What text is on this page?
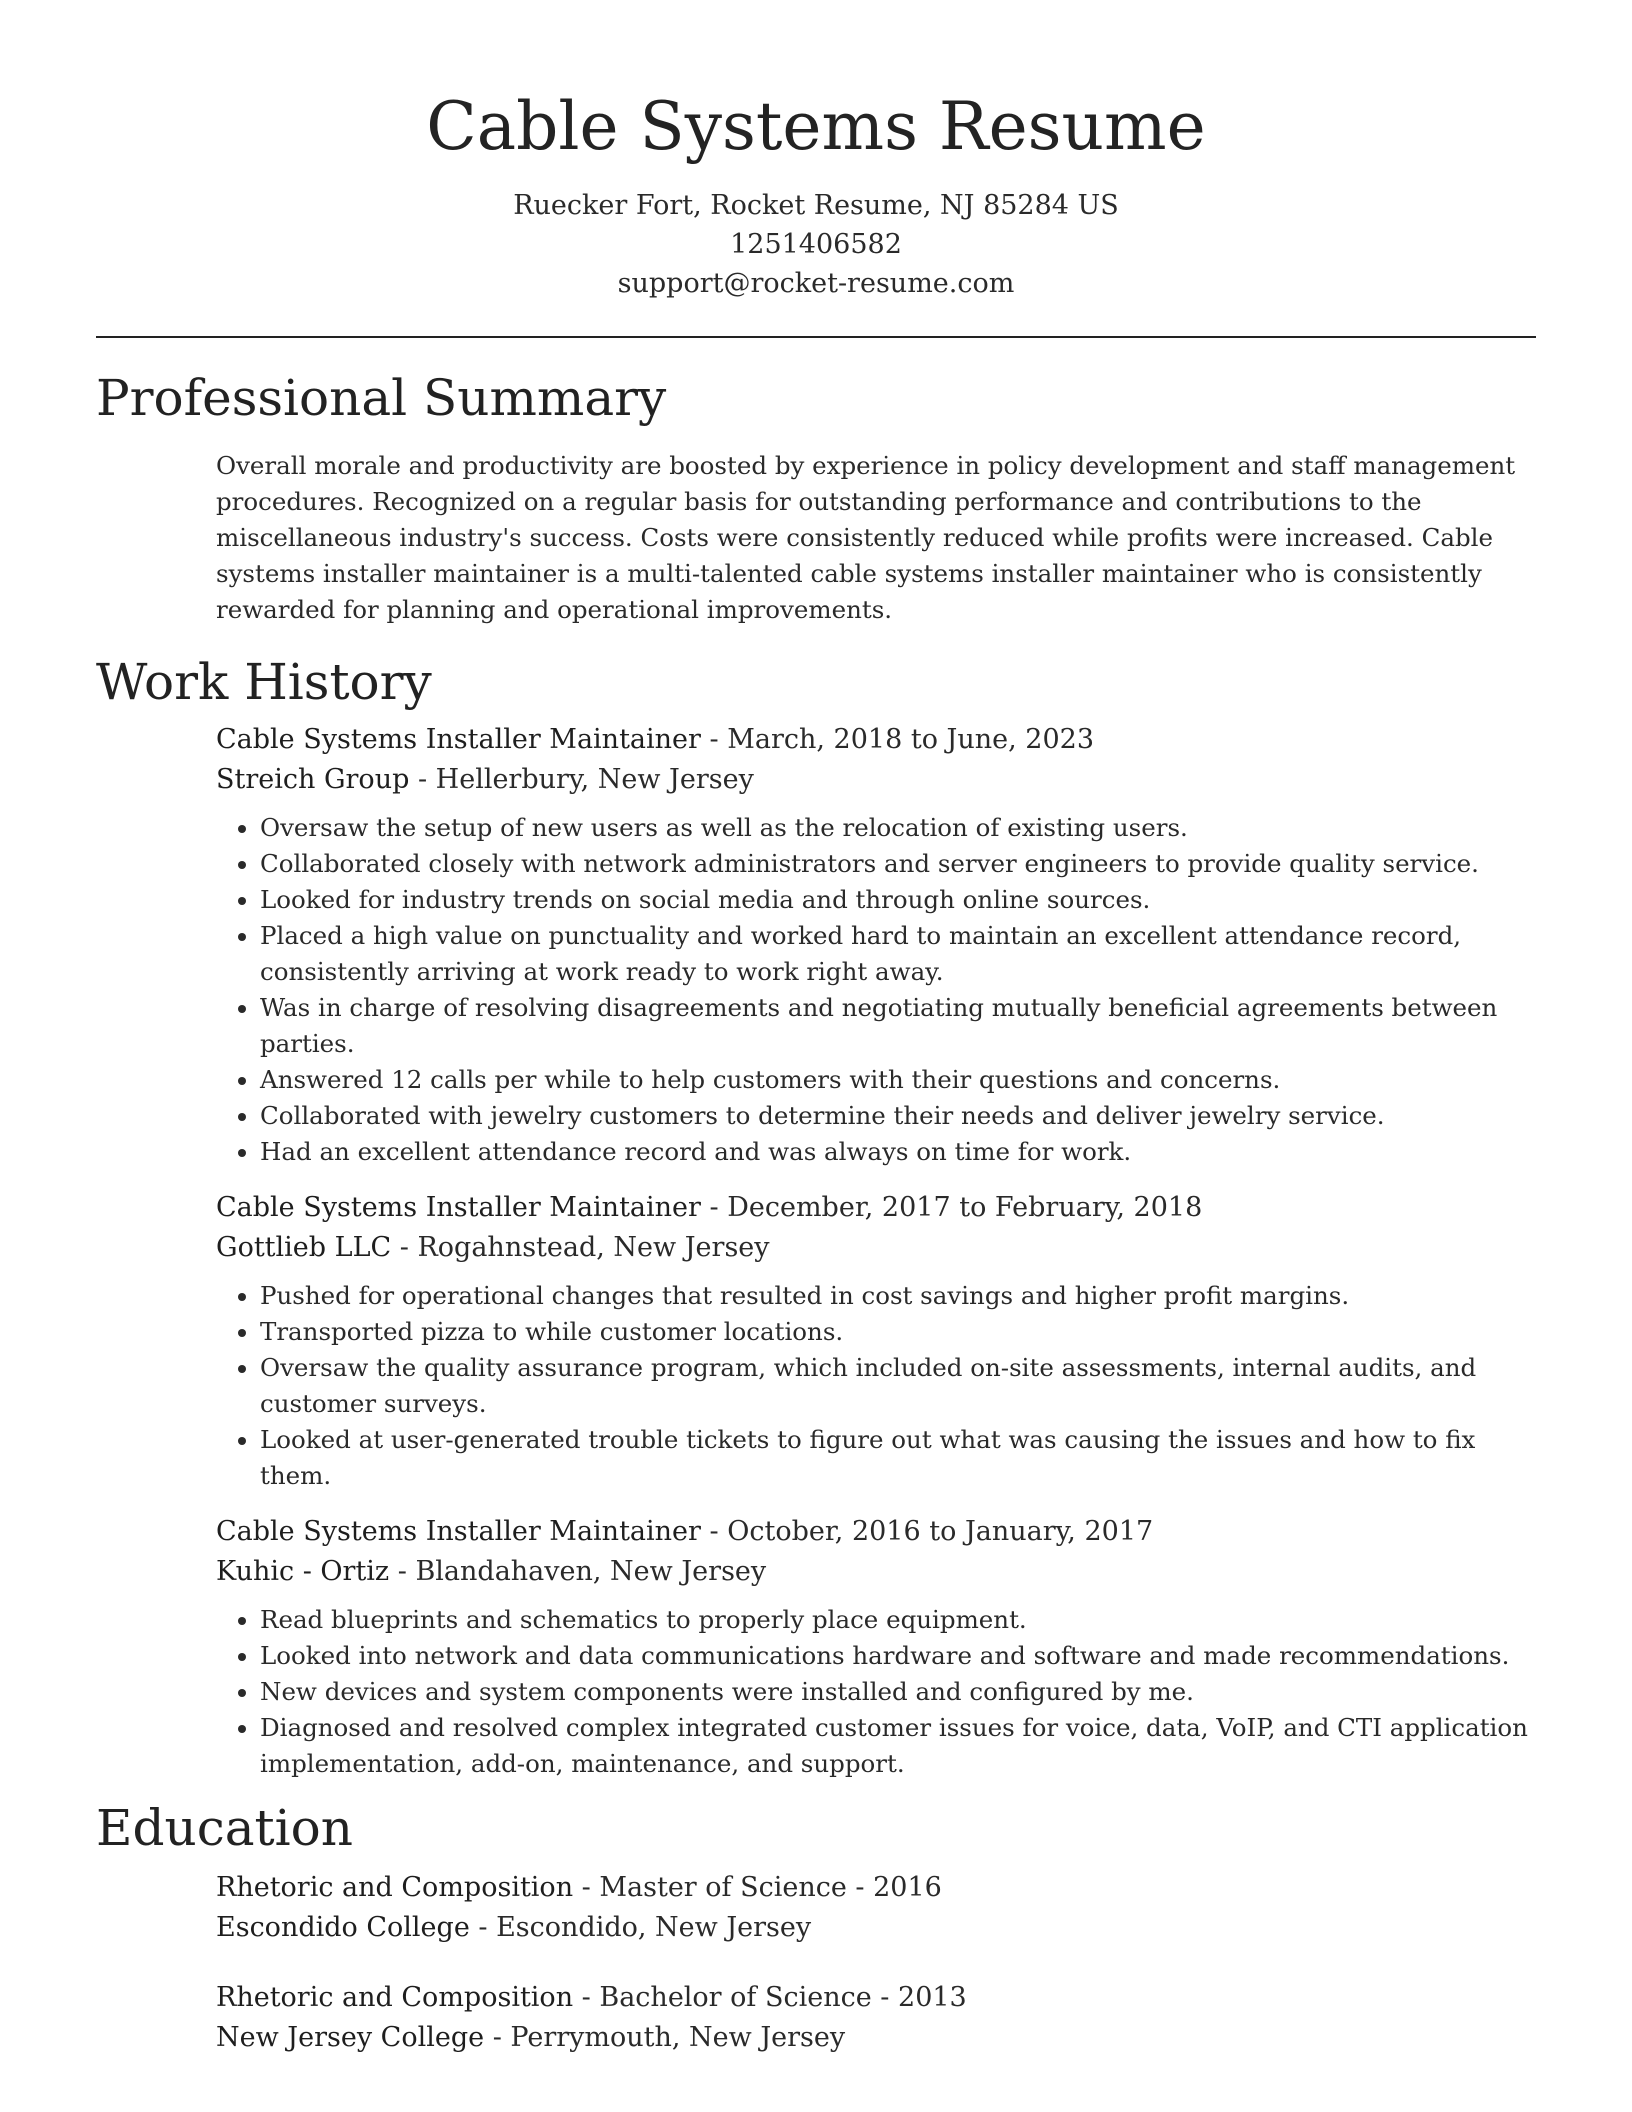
Cable Systems Resume
Ruecker Fort, Rocket Resume, NJ 85284 US
1251406582
support@rocket-resume.com
Professional Summary
Overall morale and productivity are boosted by experience in policy development and staff management procedures. Recognized on a regular basis for outstanding performance and contributions to the miscellaneous industry's success. Costs were consistently reduced while profits were increased. Cable systems installer maintainer is a multi-talented cable systems installer maintainer who is consistently rewarded for planning and operational improvements.
Work History
Cable Systems Installer Maintainer - March, 2018 to June, 2023
Streich Group - Hellerbury, New Jersey
• Oversaw the setup of new users as well as the relocation of existing users.
• Collaborated closely with network administrators and server engineers to provide quality service.
• Looked for industry trends on social media and through online sources.
• Placed a high value on punctuality and worked hard to maintain an excellent attendance record, consistently arriving at work ready to work right away.
• Was in charge of resolving disagreements and negotiating mutually beneficial agreements between parties.
• Answered 12 calls per while to help customers with their questions and concerns.
• Collaborated with jewelry customers to determine their needs and deliver jewelry service.
• Had an excellent attendance record and was always on time for work.
Cable Systems Installer Maintainer - December, 2017 to February, 2018
Gottlieb LLC - Rogahnstead, New Jersey
• Pushed for operational changes that resulted in cost savings and higher profit margins.
• Transported pizza to while customer locations.
• Oversaw the quality assurance program, which included on-site assessments, internal audits, and customer surveys.
• Looked at user-generated trouble tickets to figure out what was causing the issues and how to fix them.
Cable Systems Installer Maintainer - October, 2016 to January, 2017
Kuhic - Ortiz - Blandahaven, New Jersey
• Read blueprints and schematics to properly place equipment.
• Looked into network and data communications hardware and software and made recommendations.
• New devices and system components were installed and configured by me.
• Diagnosed and resolved complex integrated customer issues for voice, data, VoIP, and CTI application implementation, add-on, maintenance, and support.
Education
Rhetoric and Composition - Master of Science - 2016
Escondido College - Escondido, New Jersey
Rhetoric and Composition - Bachelor of Science - 2013
New Jersey College - Perrymouth, New Jersey
